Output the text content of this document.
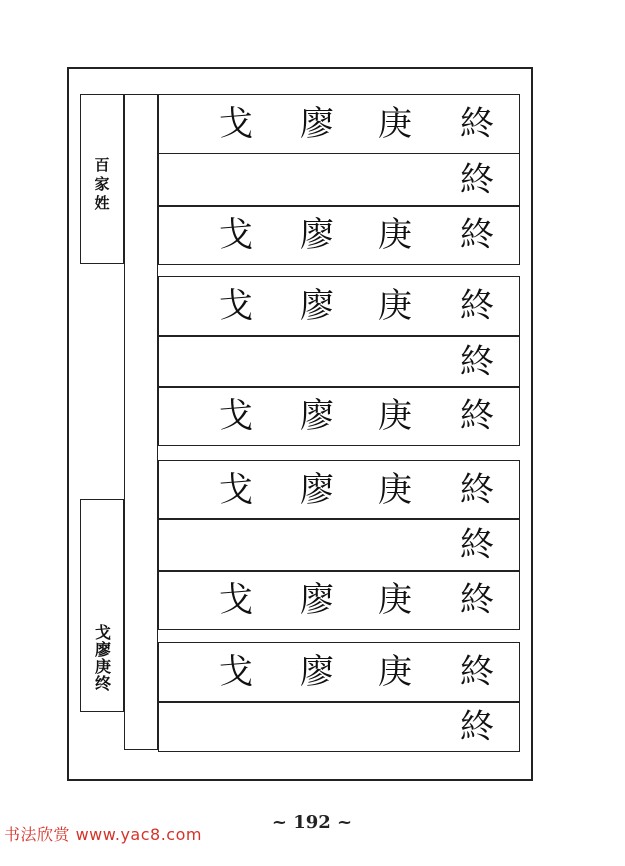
百家姓
戈廖庚终
书法欣赏 www.yac8.com
~ 192 ~
戈 廖 庚 終
終
戈 廖 庚 終
戈 廖 庚 終
終
戈 廖 庚 終
戈 廖 庚 終
終
戈 廖 庚 終
戈 廖 庚 終
終
